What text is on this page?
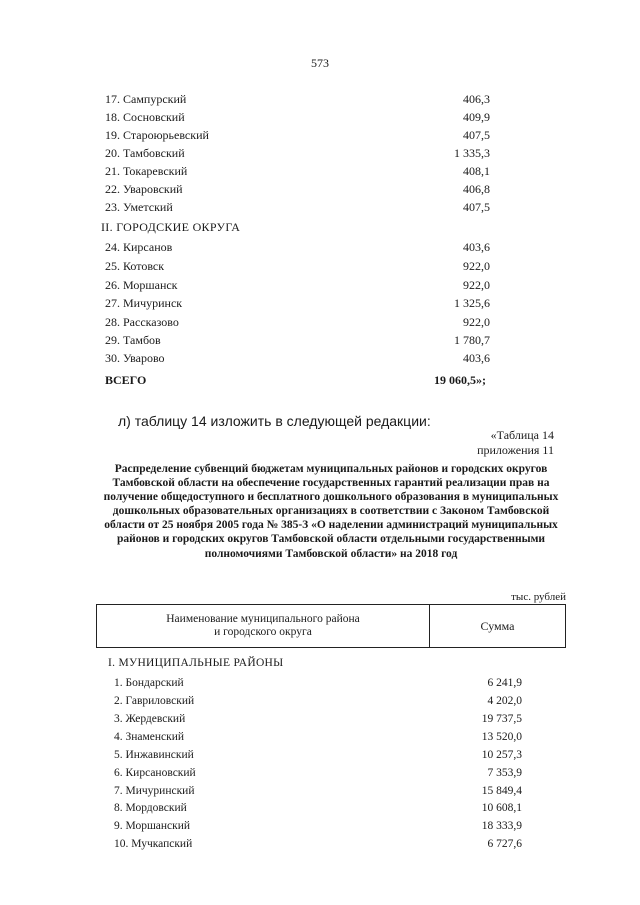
573
17. Сампурский	406,3
18. Сосновский	409,9
19. Староюрьевский	407,5
20. Тамбовский	1 335,3
21. Токаревский	408,1
22. Уваровский	406,8
23. Уметский	407,5
II. ГОРОДСКИЕ ОКРУГА
24. Кирсанов	403,6
25. Котовск	922,0
26. Моршанск	922,0
27. Мичуринск	1 325,6
28. Рассказово	922,0
29. Тамбов	1 780,7
30. Уварово	403,6
ВСЕГО	19 060,5»;
л) таблицу 14 изложить в следующей редакции:
«Таблица 14
приложения 11
Распределение субвенций бюджетам муниципальных районов и городских округов Тамбовской области на обеспечение государственных гарантий реализации прав на получение общедоступного и бесплатного дошкольного образования в муниципальных дошкольных образовательных организациях в соответствии с Законом Тамбовской области от 25 ноября 2005 года № 385-З «О наделении администраций муниципальных районов и городских округов Тамбовской области отдельными государственными полномочиями Тамбовской области» на 2018 год
тыс. рублей
Наименование муниципального района
и городского округа	Сумма
I. МУНИЦИПАЛЬНЫЕ РАЙОНЫ
1. Бондарский	6 241,9
2. Гавриловский	4 202,0
3. Жердевский	19 737,5
4. Знаменский	13 520,0
5. Инжавинский	10 257,3
6. Кирсановский	7 353,9
7. Мичуринский	15 849,4
8. Мордовский	10 608,1
9. Моршанский	18 333,9
10. Мучкапский	6 727,6
